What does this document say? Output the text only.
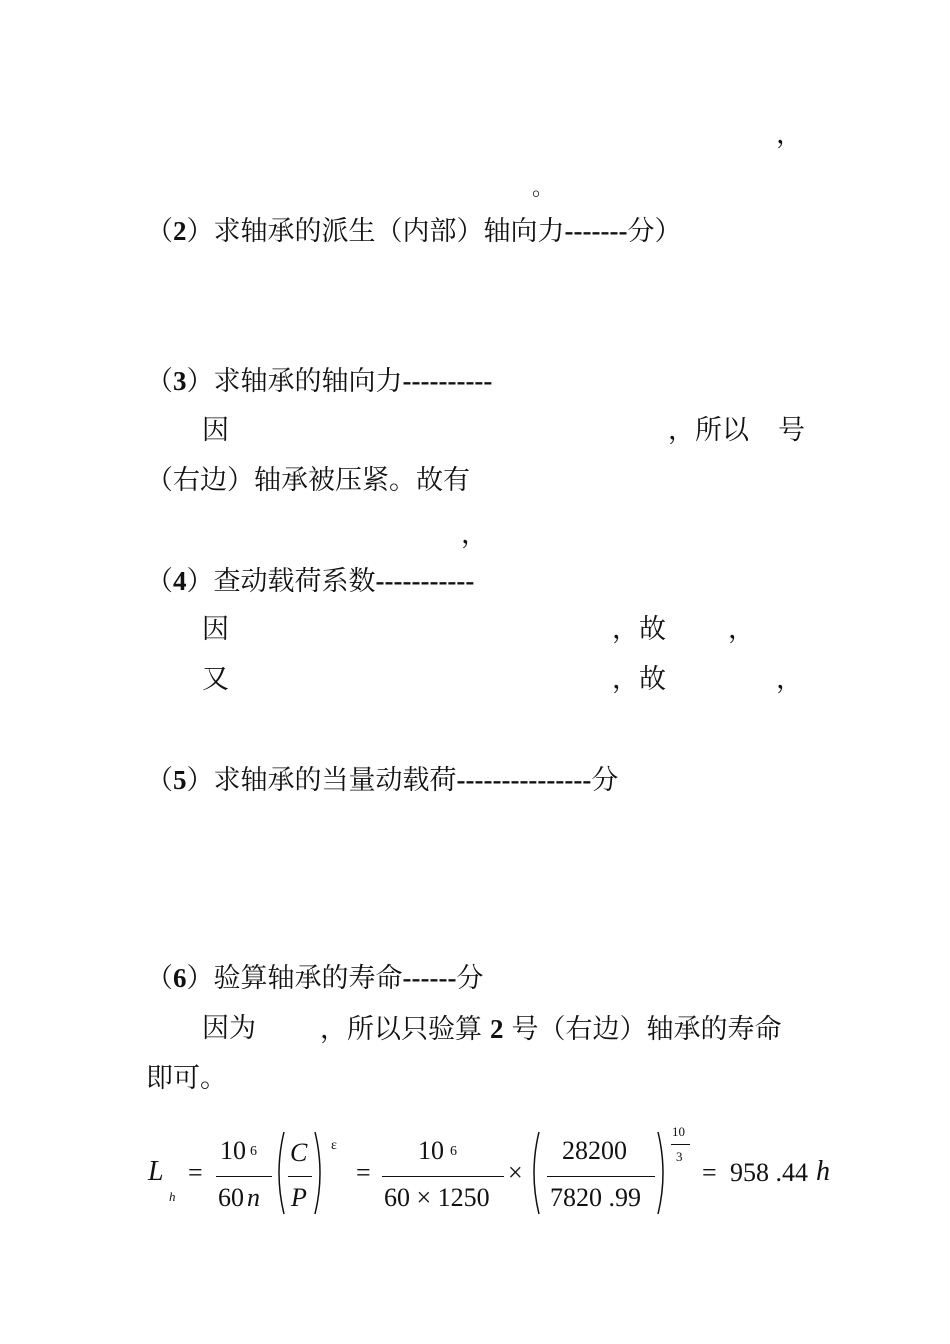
，
。
（2）求轴承的派生（内部）轴向力-------分）
（3）求轴承的轴向力----------
因	，所以 号
（右边）轴承被压紧。故有
，
（4）查动载荷系数-----------
因	，故 ，
又	，故	，
（5）求轴承的当量动载荷---------------分
（6）验算轴承的寿命------分
因为 ，所以只验算 2 号（右边）轴承的寿命
即可。
L
h
=
10 6
60 n
C
P
ε
=
10 6
60 × 1250
×
28200
7820 .99
10
3
= 958 .44 h
